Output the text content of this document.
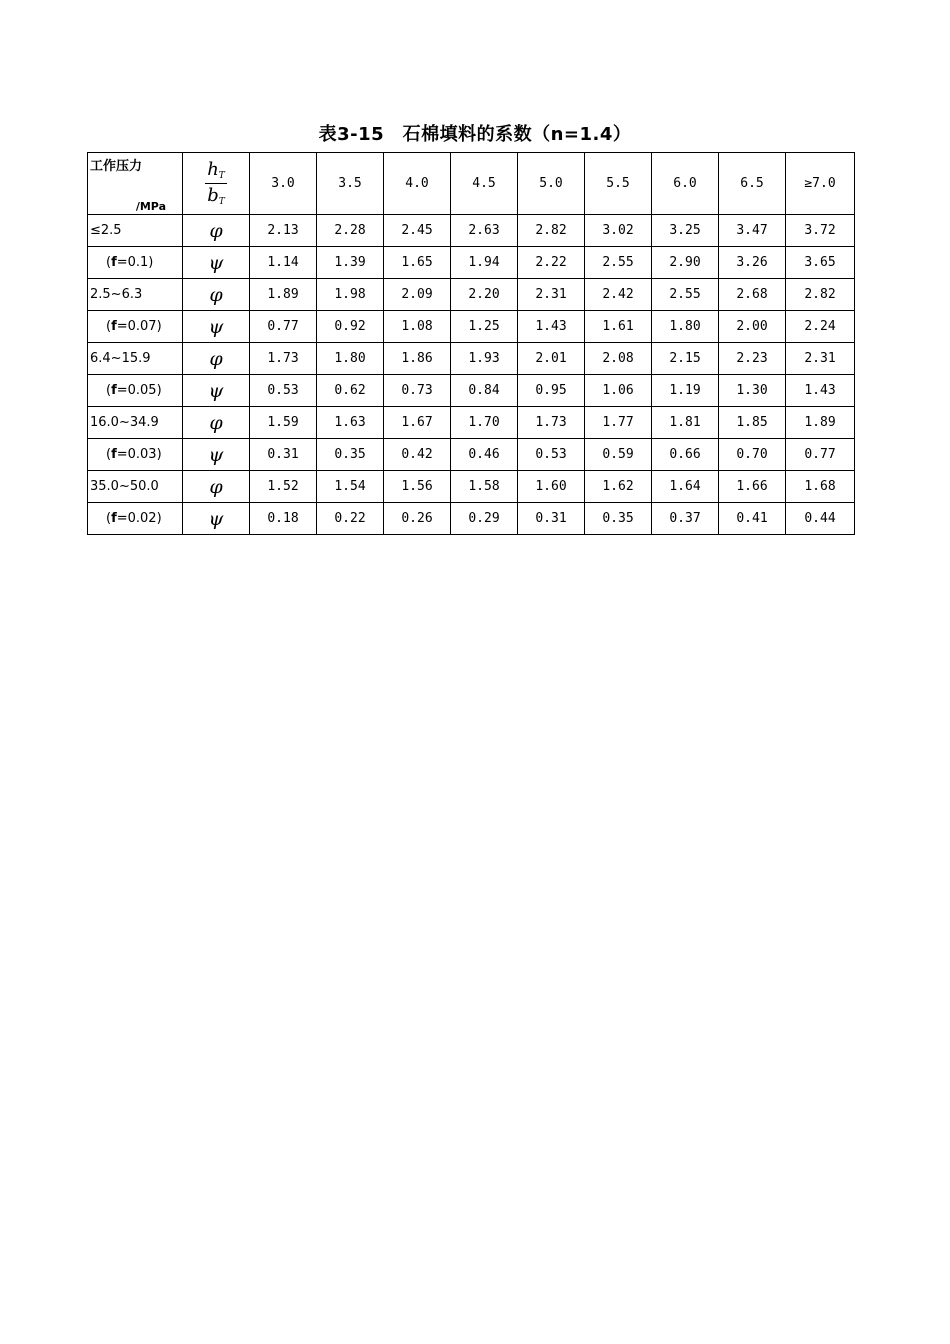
表3-15　石棉填料的系数（n=1.4）
工作压力
/MPa	$\frac{h_T}{b_T}$	3.0	3.5	4.0	4.5	5.0	5.5	6.0	6.5	≥7.0
≤2.5	φ	2.13	2.28	2.45	2.63	2.82	3.02	3.25	3.47	3.72
(f=0.1)	ψ	1.14	1.39	1.65	1.94	2.22	2.55	2.90	3.26	3.65
2.5~6.3	φ	1.89	1.98	2.09	2.20	2.31	2.42	2.55	2.68	2.82
(f=0.07)	ψ	0.77	0.92	1.08	1.25	1.43	1.61	1.80	2.00	2.24
6.4~15.9	φ	1.73	1.80	1.86	1.93	2.01	2.08	2.15	2.23	2.31
(f=0.05)	ψ	0.53	0.62	0.73	0.84	0.95	1.06	1.19	1.30	1.43
16.0~34.9	φ	1.59	1.63	1.67	1.70	1.73	1.77	1.81	1.85	1.89
(f=0.03)	ψ	0.31	0.35	0.42	0.46	0.53	0.59	0.66	0.70	0.77
35.0~50.0	φ	1.52	1.54	1.56	1.58	1.60	1.62	1.64	1.66	1.68
(f=0.02)	ψ	0.18	0.22	0.26	0.29	0.31	0.35	0.37	0.41	0.44
